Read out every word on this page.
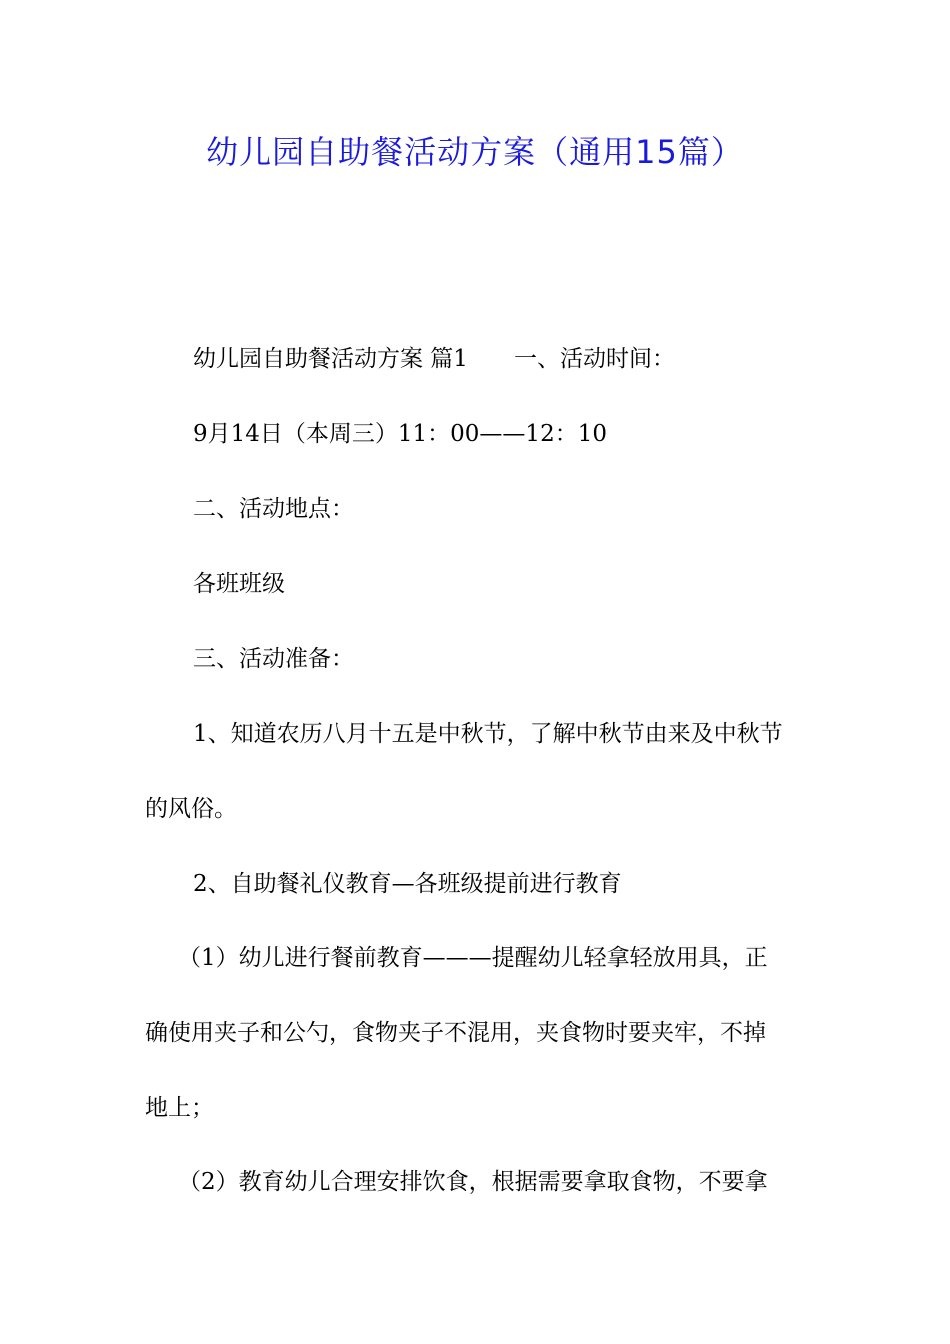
幼儿园自助餐活动方案（通用15篇）

幼儿园自助餐活动方案 篇1 一、活动时间：

9月14日（本周三）11：00——12：10

二、活动地点：

各班班级

三、活动准备：

1、知道农历八月十五是中秋节，了解中秋节由来及中秋节

的风俗。

2、自助餐礼仪教育—各班级提前进行教育

（1）幼儿进行餐前教育———提醒幼儿轻拿轻放用具，正

确使用夹子和公勺，食物夹子不混用，夹食物时要夹牢，不掉

地上；

（2）教育幼儿合理安排饮食，根据需要拿取食物，不要拿
